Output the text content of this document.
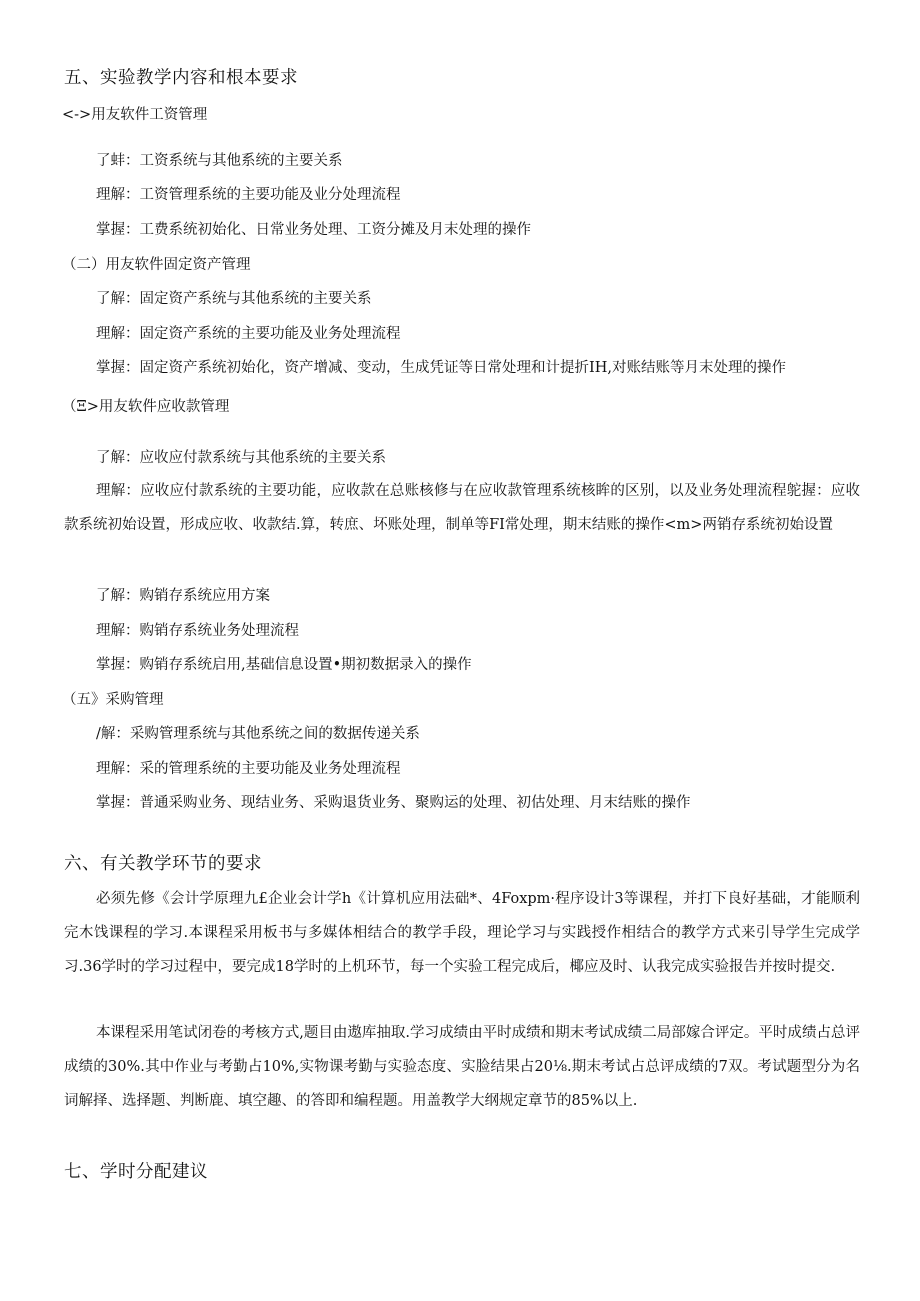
五、实验教学内容和根本要求

<->用友软件工资管理

了蚌：工资系统与其他系统的主要关系

理解：工资管理系统的主要功能及业分处理流程

掌握：工费系统初始化、日常业务处理、工资分摊及月末处理的操作

（二）用友软件固定资产管理

了解：固定资产系统与其他系统的主要关系

理解：固定资产系统的主要功能及业务处理流程

掌握：固定资产系统初始化，资产增减、变动，生成凭证等日常处理和计提折IH,对账结账等月末处理的操作

（Ξ>用友软件应收款管理

了解：应收应付款系统与其他系统的主要关系

理解：应收应付款系统的主要功能，应收款在总账核修与在应收款管理系统核眸的区别，以及业务处理流程鸵握：应收款系统初始设置，形成应收、收款结.算，转庶、坏账处理，制单等FI常处理，期末结账的操作<m>两销存系统初始设置

了解：购销存系统应用方案

理解：购销存系统业务处理流程

掌握：购销存系统启用,基础信息设置•期初数据录入的操作

（五》采购管理

/解：采购管理系统与其他系统之间的数据传递关系

理解：采的管理系统的主要功能及业务处理流程

掌握：普通采购业务、现结业务、采购退货业务、聚购运的处理、初估处理、月末结账的操作

六、有关教学环节的要求

必须先修《会计学原理九£企业会计学h《计算机应用法础*、4Foxpm·程序设计3等课程，并打下良好基础，才能顺利完木饯课程的学习.本课程采用板书与多媒体相结合的教学手段，理论学习与实践授作相结合的教学方式来引导学生完成学习.36学时的学习过程中，要完成18学时的上机环节，每一个实验工程完成后，椰应及时、认我完成实验报告并按时提交.

本课程采用笔试闭卷的考核方式,题目由遨库抽取.学习成绩由平时成绩和期末考试成绩二局部嫁合评定。平时成绩占总评成绩的30%.其中作业与考勤占10%,实物课考勤与实验态度、实脸结果占20⅛.期末考试占总评成绩的7双。考试题型分为名词解择、选择题、判断鹿、填空趣、的答即和编程题。用盖教学大纲规定章节的85%以上.

七、学时分配建议
